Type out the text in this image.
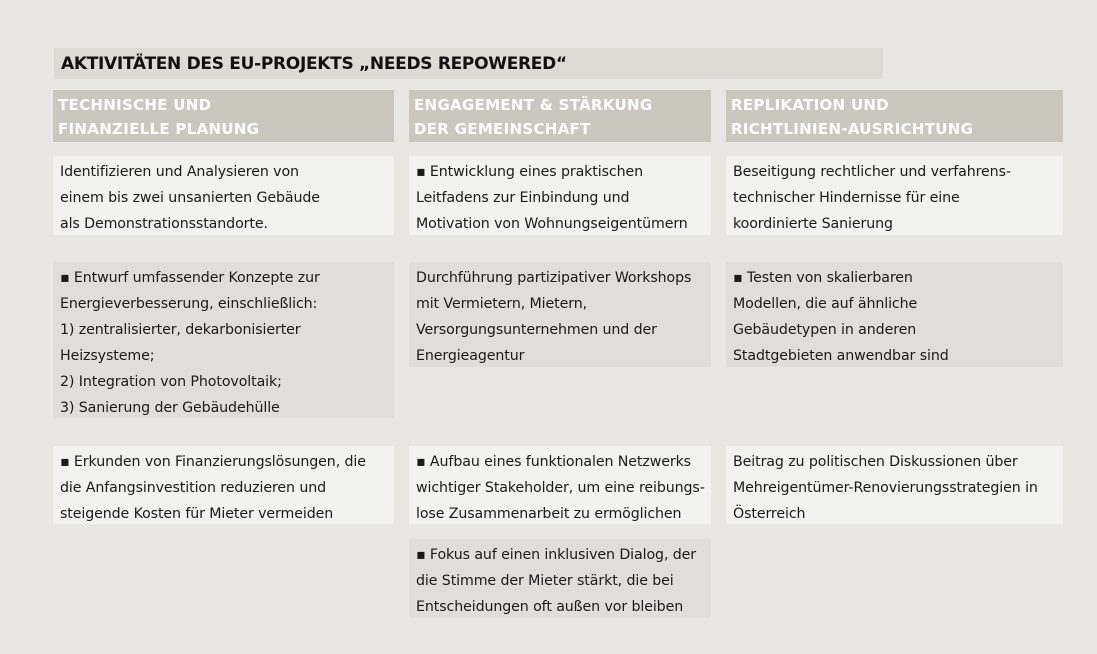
AKTIVITÄTEN DES EU-PROJEKTS „NEEDS REPOWERED“
TECHNISCHE UND
FINANZIELLE PLANUNG
Identifizieren und Analysieren von
einem bis zwei unsanierten Gebäude
als Demonstrationsstandorte.
▪ Entwurf umfassender Konzepte zur
Energieverbesserung, einschließlich:
1) zentralisierter, dekarbonisierter
Heizsysteme;
2) Integration von Photovoltaik;
3) Sanierung der Gebäudehülle
▪ Erkunden von Finanzierungslösungen, die
die Anfangsinvestition reduzieren und
steigende Kosten für Mieter vermeiden
ENGAGEMENT & STÄRKUNG
DER GEMEINSCHAFT
▪ Entwicklung eines praktischen
Leitfadens zur Einbindung und
Motivation von Wohnungseigentümern
Durchführung partizipativer Workshops
mit Vermietern, Mietern,
Versorgungsunternehmen und der
Energieagentur
▪ Aufbau eines funktionalen Netzwerks
wichtiger Stakeholder, um eine reibungs-
lose Zusammenarbeit zu ermöglichen
▪ Fokus auf einen inklusiven Dialog, der
die Stimme der Mieter stärkt, die bei
Entscheidungen oft außen vor bleiben
REPLIKATION UND
RICHTLINIEN-AUSRICHTUNG
Beseitigung rechtlicher und verfahrens-
technischer Hindernisse für eine
koordinierte Sanierung
▪ Testen von skalierbaren
Modellen, die auf ähnliche
Gebäudetypen in anderen
Stadtgebieten anwendbar sind
Beitrag zu politischen Diskussionen über
Mehreigentümer-Renovierungsstrategien in
Österreich
